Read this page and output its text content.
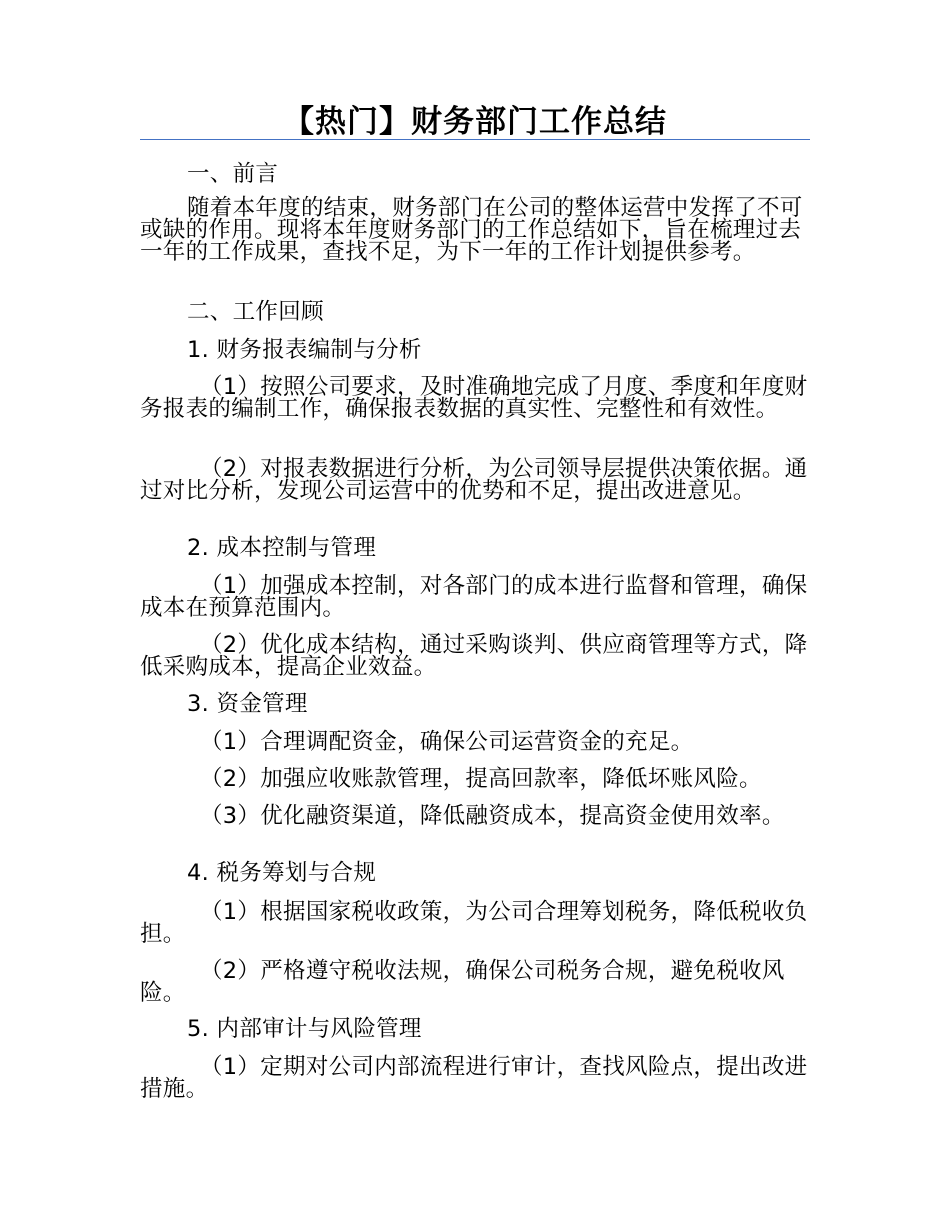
【热门】财务部门工作总结

一、前言

随着本年度的结束，财务部门在公司的整体运营中发挥了不可或缺的作用。现将本年度财务部门的工作总结如下，旨在梳理过去一年的工作成果，查找不足，为下一年的工作计划提供参考。

二、工作回顾

1. 财务报表编制与分析

（1）按照公司要求，及时准确地完成了月度、季度和年度财务报表的编制工作，确保报表数据的真实性、完整性和有效性。

（2）对报表数据进行分析，为公司领导层提供决策依据。通过对比分析，发现公司运营中的优势和不足，提出改进意见。

2. 成本控制与管理

（1）加强成本控制，对各部门的成本进行监督和管理，确保成本在预算范围内。

（2）优化成本结构，通过采购谈判、供应商管理等方式，降低采购成本，提高企业效益。

3. 资金管理

（1）合理调配资金，确保公司运营资金的充足。

（2）加强应收账款管理，提高回款率，降低坏账风险。

（3）优化融资渠道，降低融资成本，提高资金使用效率。

4. 税务筹划与合规

（1）根据国家税收政策，为公司合理筹划税务，降低税收负担。

（2）严格遵守税收法规，确保公司税务合规，避免税收风险。

5. 内部审计与风险管理

（1）定期对公司内部流程进行审计，查找风险点，提出改进措施。
